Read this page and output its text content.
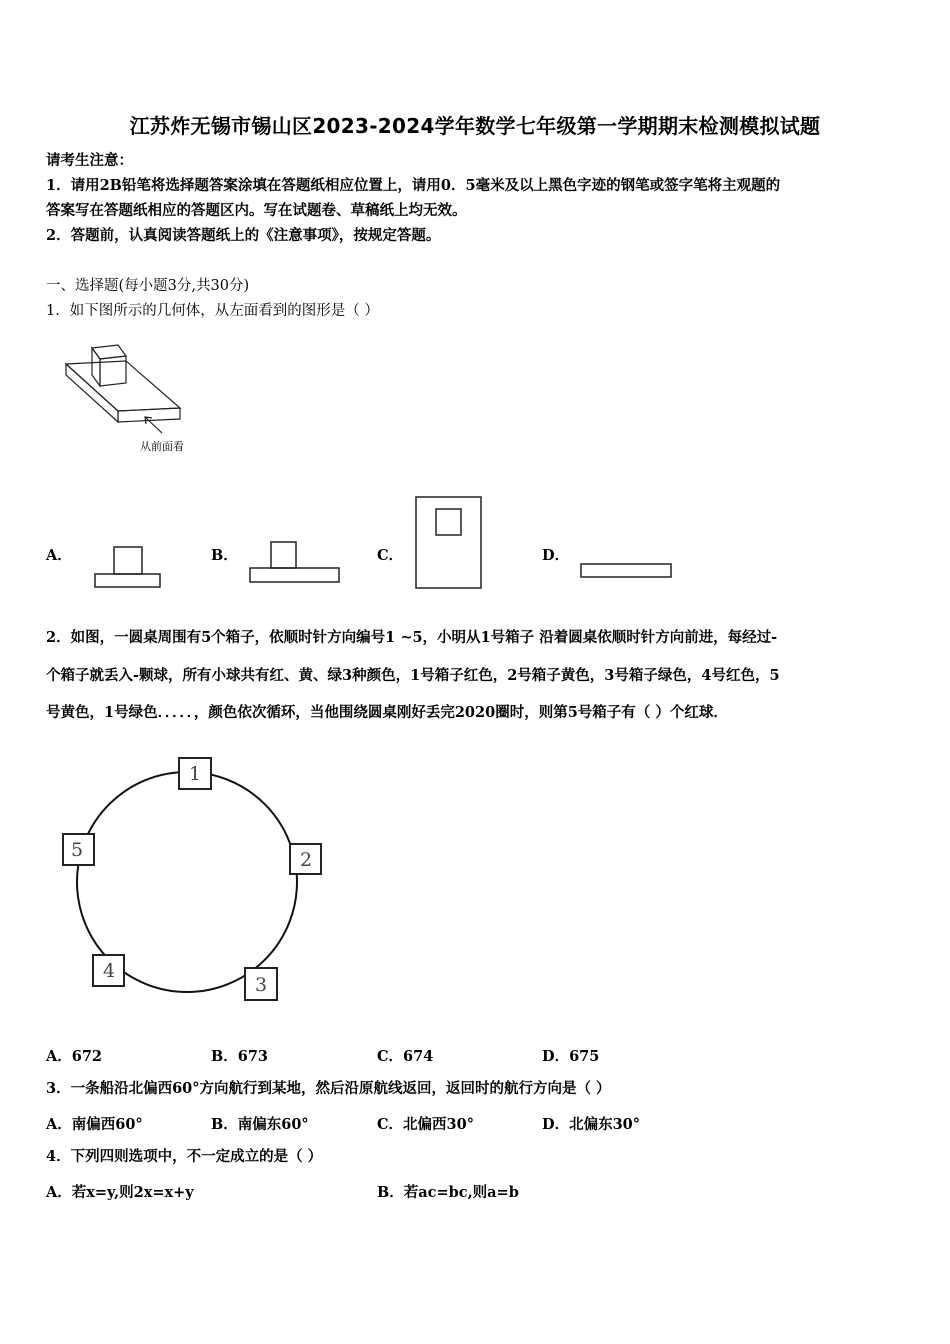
江苏炸无锡市锡山区2023-2024学年数学七年级第一学期期末检测模拟试题
请考生注意：
1．请用2B铅笔将选择题答案涂填在答题纸相应位置上，请用0．5毫米及以上黑色字迹的钢笔或签字笔将主观题的
答案写在答题纸相应的答题区内。写在试题卷、草稿纸上均无效。
2．答题前，认真阅读答题纸上的《注意事项》，按规定答题。
一、选择题(每小题3分,共30分)
1．如下图所示的几何体，从左面看到的图形是（ ）
从前面看
A．	B．	C．	D．
2．如图，一圆桌周围有5个箱子，依顺时针方向编号1 ~5，小明从1号箱子 沿着圆桌依顺时针方向前进，每经过-
个箱子就丢入-颗球，所有小球共有红、黄、绿3种颜色，1号箱子红色，2号箱子黄色，3号箱子绿色，4号红色，5
号黄色，1号绿色．．．．．，颜色依次循环，当他围绕圆桌刚好丢完2020圈时，则第5号箱子有（ ）个红球．
1
2
3
4
5
A．672	B．673	C．674	D．675
3．一条船沿北偏西60°方向航行到某地，然后沿原航线返回，返回时的航行方向是（ ）
A．南偏西60°	B．南偏东60°	C．北偏西30°	D．北偏东30°
4．下列四则选项中，不一定成立的是（ ）
A．若x=y,则2x=x+y	B．若ac=bc,则a=b
